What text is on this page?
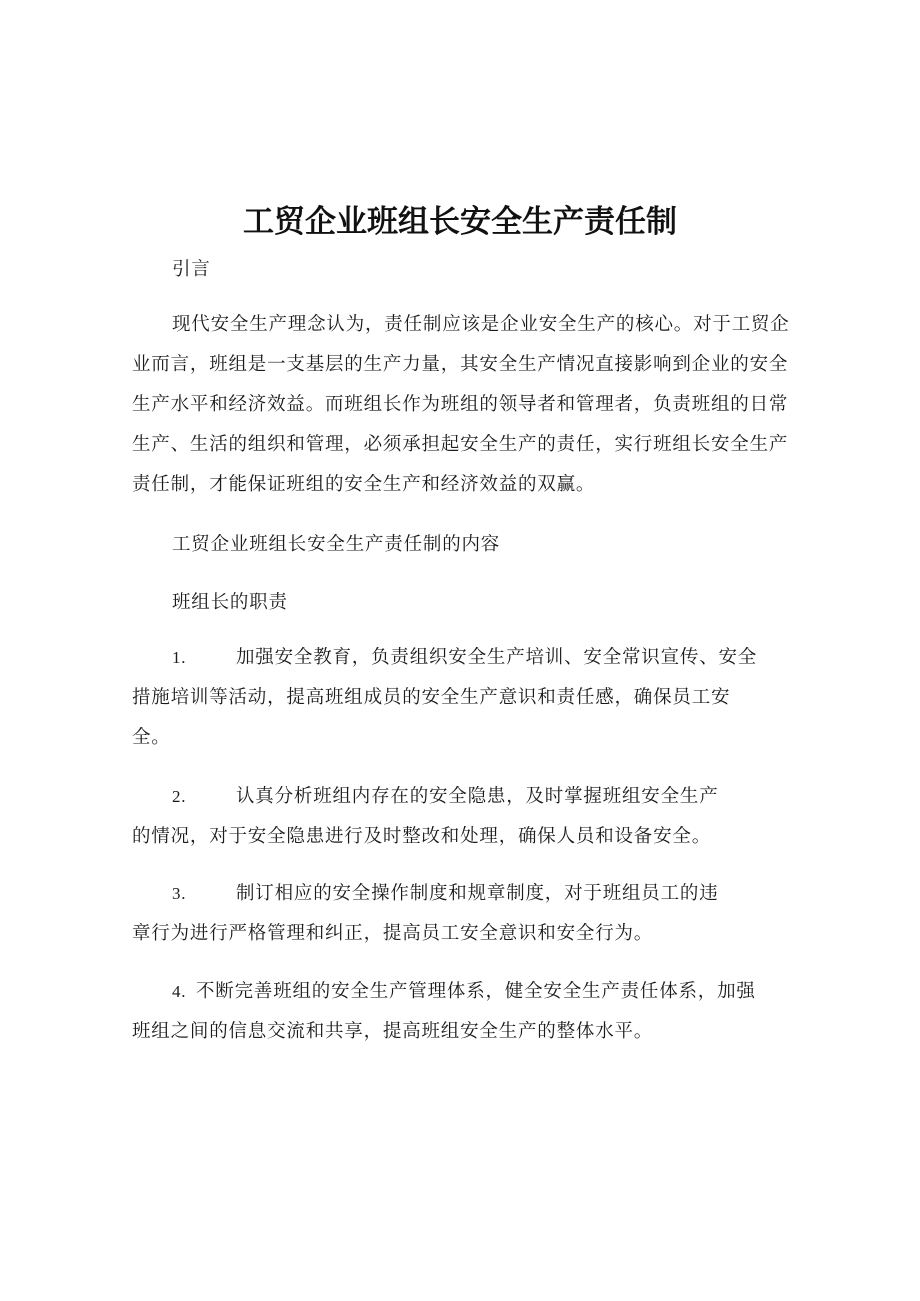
工贸企业班组长安全生产责任制
引言
现代安全生产理念认为，责任制应该是企业安全生产的核心。对于工贸企业而言，班组是一支基层的生产力量，其安全生产情况直接影响到企业的安全生产水平和经济效益。而班组长作为班组的领导者和管理者，负责班组的日常生产、生活的组织和管理，必须承担起安全生产的责任，实行班组长安全生产责任制，才能保证班组的安全生产和经济效益的双赢。
工贸企业班组长安全生产责任制的内容
班组长的职责
1.	加强安全教育，负责组织安全生产培训、安全常识宣传、安全
措施培训等活动，提高班组成员的安全生产意识和责任感，确保员工安
全。
2.	认真分析班组内存在的安全隐患，及时掌握班组安全生产
的情况，对于安全隐患进行及时整改和处理，确保人员和设备安全。
3.	制订相应的安全操作制度和规章制度，对于班组员工的违
章行为进行严格管理和纠正，提高员工安全意识和安全行为。
4. 不断完善班组的安全生产管理体系，健全安全生产责任体系，加强
班组之间的信息交流和共享，提高班组安全生产的整体水平。
